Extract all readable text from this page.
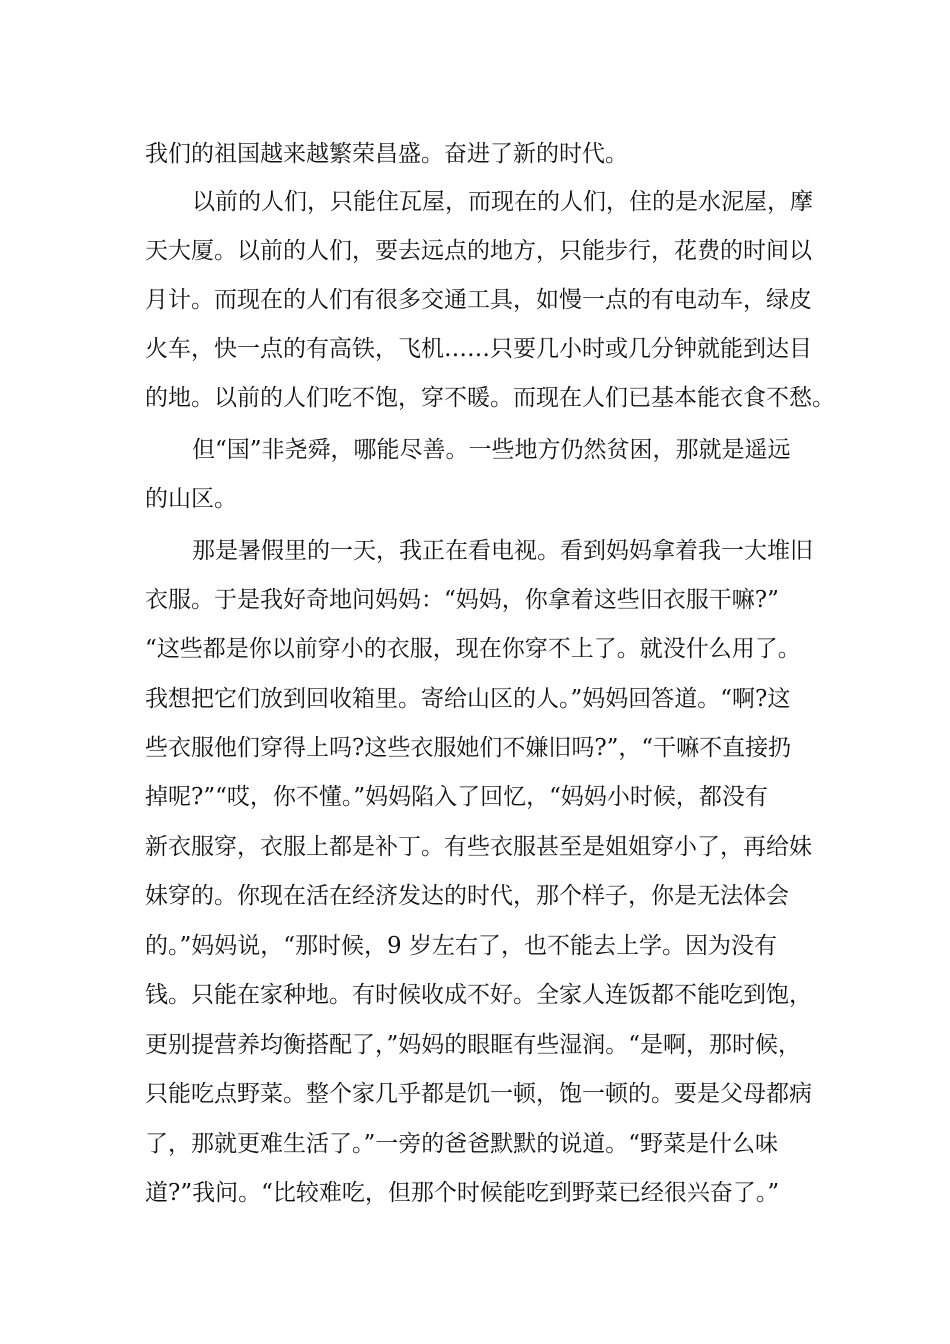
我们的祖国越来越繁荣昌盛。奋进了新的时代。
以前的人们，只能住瓦屋，而现在的人们，住的是水泥屋，摩
天大厦。以前的人们，要去远点的地方，只能步行，花费的时间以
月计。而现在的人们有很多交通工具，如慢一点的有电动车，绿皮
火车，快一点的有高铁，飞机……只要几小时或几分钟就能到达目
的地。以前的人们吃不饱，穿不暖。而现在人们已基本能衣食不愁。
但“国”非尧舜，哪能尽善。一些地方仍然贫困，那就是遥远
的山区。
那是暑假里的一天，我正在看电视。看到妈妈拿着我一大堆旧
衣服。于是我好奇地问妈妈：“妈妈，你拿着这些旧衣服干嘛?”
“这些都是你以前穿小的衣服，现在你穿不上了。就没什么用了。
我想把它们放到回收箱里。寄给山区的人。”妈妈回答道。“啊?这
些衣服他们穿得上吗?这些衣服她们不嫌旧吗?”，“干嘛不直接扔
掉呢?”“哎，你不懂。”妈妈陷入了回忆，“妈妈小时候，都没有
新衣服穿，衣服上都是补丁。有些衣服甚至是姐姐穿小了，再给妹
妹穿的。你现在活在经济发达的时代，那个样子，你是无法体会
的。”妈妈说，“那时候，9 岁左右了，也不能去上学。因为没有
钱。只能在家种地。有时候收成不好。全家人连饭都不能吃到饱，
更别提营养均衡搭配了，”妈妈的眼眶有些湿润。“是啊，那时候，
只能吃点野菜。整个家几乎都是饥一顿，饱一顿的。要是父母都病
了，那就更难生活了。”一旁的爸爸默默的说道。“野菜是什么味
道?”我问。“比较难吃，但那个时候能吃到野菜已经很兴奋了。”
